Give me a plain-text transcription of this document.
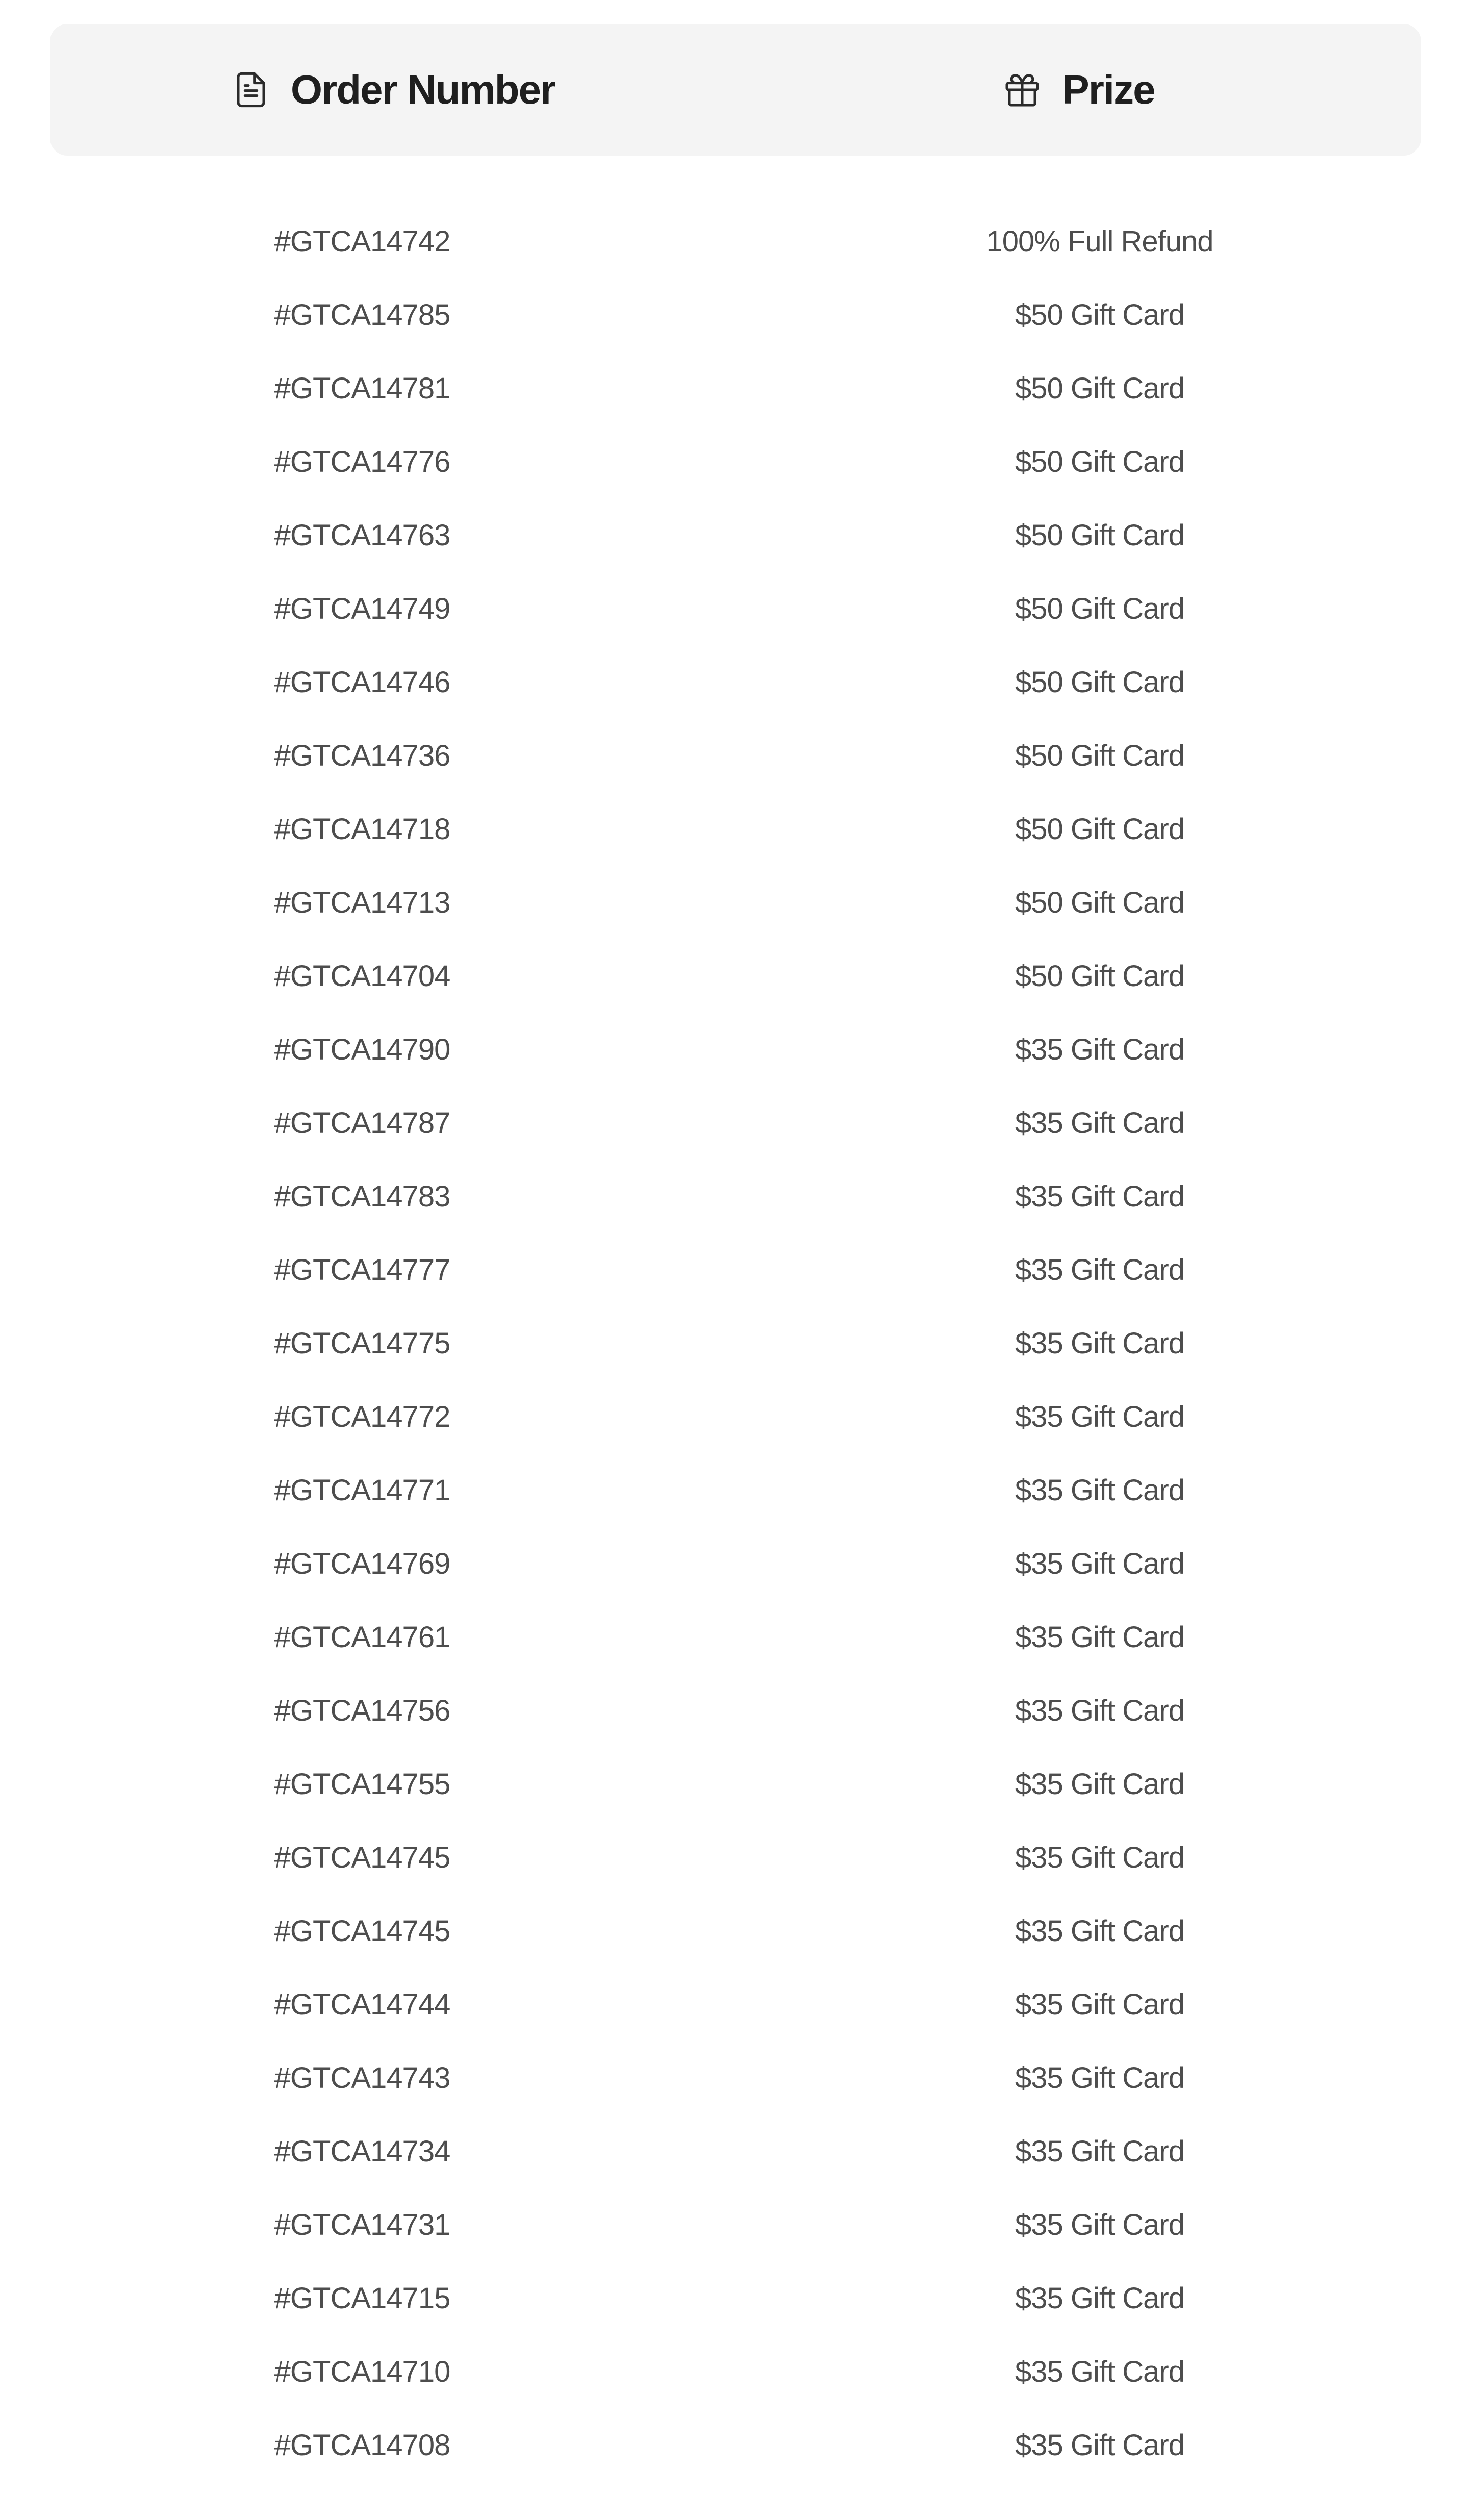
Order Number	Prize
#GTCA14742	100% Full Refund
#GTCA14785	$50 Gift Card
#GTCA14781	$50 Gift Card
#GTCA14776	$50 Gift Card
#GTCA14763	$50 Gift Card
#GTCA14749	$50 Gift Card
#GTCA14746	$50 Gift Card
#GTCA14736	$50 Gift Card
#GTCA14718	$50 Gift Card
#GTCA14713	$50 Gift Card
#GTCA14704	$50 Gift Card
#GTCA14790	$35 Gift Card
#GTCA14787	$35 Gift Card
#GTCA14783	$35 Gift Card
#GTCA14777	$35 Gift Card
#GTCA14775	$35 Gift Card
#GTCA14772	$35 Gift Card
#GTCA14771	$35 Gift Card
#GTCA14769	$35 Gift Card
#GTCA14761	$35 Gift Card
#GTCA14756	$35 Gift Card
#GTCA14755	$35 Gift Card
#GTCA14745	$35 Gift Card
#GTCA14745	$35 Gift Card
#GTCA14744	$35 Gift Card
#GTCA14743	$35 Gift Card
#GTCA14734	$35 Gift Card
#GTCA14731	$35 Gift Card
#GTCA14715	$35 Gift Card
#GTCA14710	$35 Gift Card
#GTCA14708	$35 Gift Card
